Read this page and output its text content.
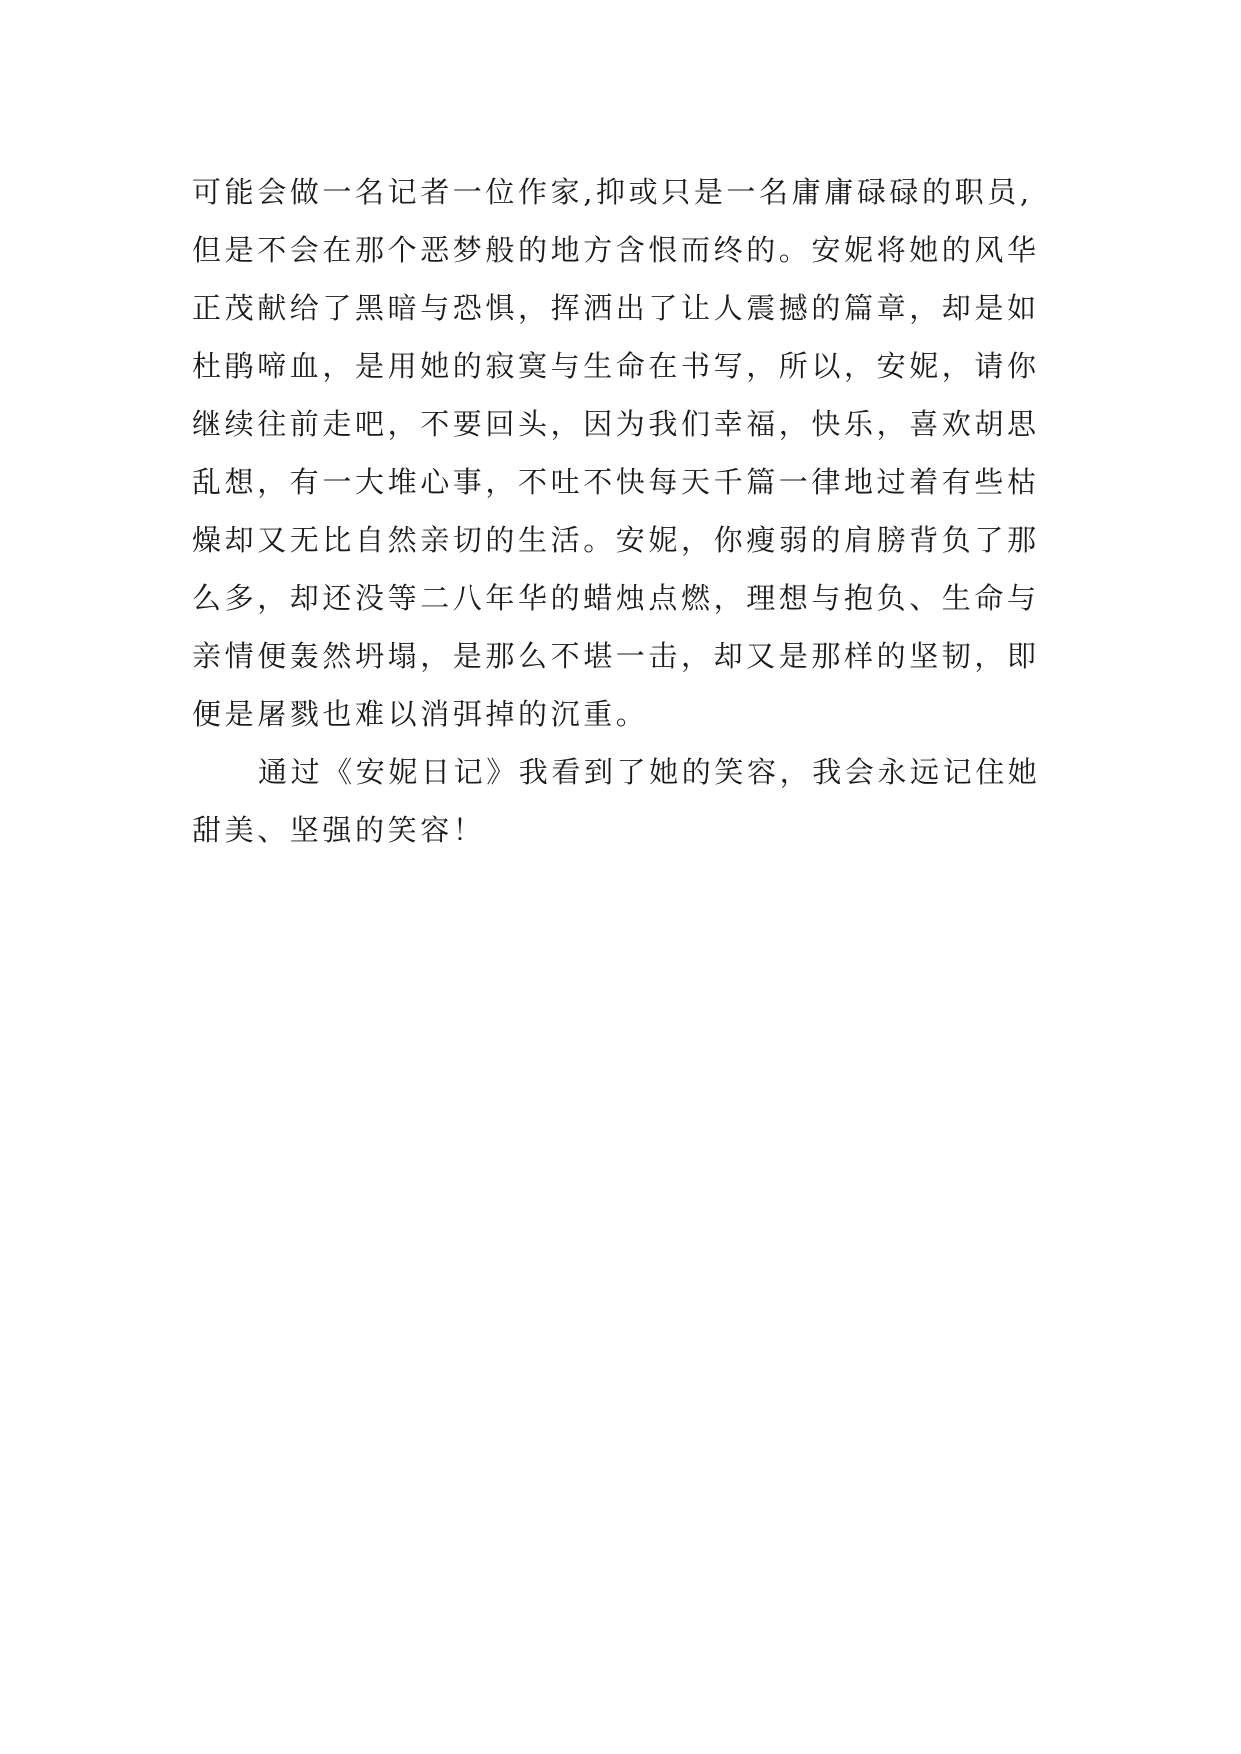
可能会做一名记者一位作家,抑或只是一名庸庸碌碌的职员,
但是不会在那个恶梦般的地方含恨而终的。安妮将她的风华
正茂献给了黑暗与恐惧，挥洒出了让人震撼的篇章，却是如
杜鹃啼血，是用她的寂寞与生命在书写，所以，安妮，请你
继续往前走吧，不要回头，因为我们幸福，快乐，喜欢胡思
乱想，有一大堆心事，不吐不快每天千篇一律地过着有些枯
燥却又无比自然亲切的生活。安妮，你瘦弱的肩膀背负了那
么多，却还没等二八年华的蜡烛点燃，理想与抱负、生命与
亲情便轰然坍塌，是那么不堪一击，却又是那样的坚韧，即
便是屠戮也难以消弭掉的沉重。
通过《安妮日记》我看到了她的笑容，我会永远记住她
甜美、坚强的笑容！
